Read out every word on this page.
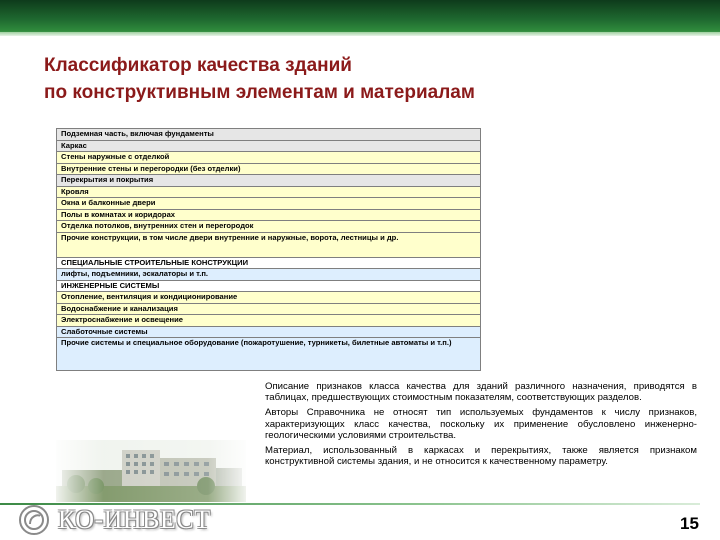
Классификатор качества зданий
по конструктивным элементам и материалам
Подземная часть, включая фундаменты
Каркас
Стены наружные с отделкой
Внутренние стены и перегородки (без отделки)
Перекрытия и покрытия
Кровля
Окна и балконные двери
Полы в комнатах и коридорах
Отделка потолков, внутренних стен и перегородок
Прочие конструкции, в том числе двери внутренние и наружные, ворота, лестницы и др.
СПЕЦИАЛЬНЫЕ СТРОИТЕЛЬНЫЕ КОНСТРУКЦИИ
лифты, подъемники, эскалаторы и т.п.
ИНЖЕНЕРНЫЕ СИСТЕМЫ
Отопление, вентиляция и кондиционирование
Водоснабжение и канализация
Электроснабжение и освещение
Слаботочные системы
Прочие системы и специальное оборудование (пожаротушение, турникеты, билетные автоматы и т.п.)

Описание признаков класса качества для зданий различного назначения, приводятся в таблицах, предшествующих стоимостным показателям, соответствующих разделов.

Авторы Справочника не относят тип используемых фундаментов к числу признаков, характеризующих класс качества, поскольку их применение обусловлено инженерно-геологическими условиями строительства.

Материал, использованный в каркасах и перекрытиях, также является признаком конструктивной системы здания, и не относится к качественному параметру.

КО-ИНВЕСТ	15
